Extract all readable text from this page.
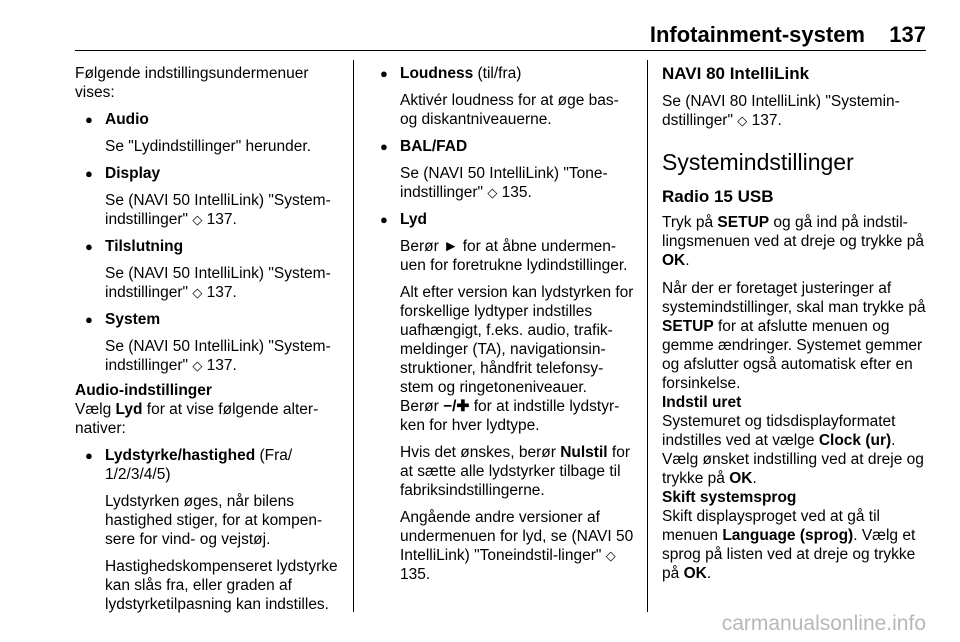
Infotainment-system 137

Følgende indstillingsundermenuer vises:

● Audio
Se "Lydindstillinger" herunder.
● Display
Se (NAVI 50 IntelliLink) "System-indstillinger" ◇ 137.
● Tilslutning
Se (NAVI 50 IntelliLink) "System-indstillinger" ◇ 137.
● System
Se (NAVI 50 IntelliLink) "System-indstillinger" ◇ 137.
Audio-indstillinger

Vælg Lyd for at vise følgende alter-nativer:

● Lydstyrke/hastighed (Fra/ 1/2/3/4/5)
Lydstyrken øges, når bilens hastighed stiger, for at kompen-sere for vind- og vejstøj.
Hastighedskompenseret lydstyrke kan slås fra, eller graden af lydstyrketilpasning kan indstilles.
● Loudness (til/fra)
Aktivér loudness for at øge bas-og diskantniveauerne.
● BAL/FAD
Se (NAVI 50 IntelliLink) "Tone-indstillinger" ◇ 135.
● Lyd
Berør ► for at åbne undermen-uen for foretrukne lydindstillinger.
Alt efter version kan lydstyrken for forskellige lydtyper indstilles uafhængigt, f.eks. audio, trafik-meldinger (TA), navigationsin-struktioner, håndfrit telefonsy-stem og ringetoneniveauer.
Berør −/✚ for at indstille lydstyr-ken for hver lydtype.
Hvis det ønskes, berør Nulstil for at sætte alle lydstyrker tilbage til fabriksindstillingerne.
Angående andre versioner af undermenuen for lyd, se (NAVI 50 IntelliLink) "Toneindstil-linger" ◇ 135.
NAVI 80 IntelliLink

Se (NAVI 80 IntelliLink) "Systemin-dstillinger" ◇ 137.

Systemindstillinger
Radio 15 USB

Tryk på SETUP og gå ind på indstil-lingsmenuen ved at dreje og trykke på OK.

Når der er foretaget justeringer af systemindstillinger, skal man trykke på SETUP for at afslutte menuen og gemme ændringer. Systemet gemmer og afslutter også automatisk efter en forsinkelse.

Indstil uret

Systemuret og tidsdisplayformatet indstilles ved at vælge Clock (ur). Vælg ønsket indstilling ved at dreje og trykke på OK.

Skift systemsprog

Skift displaysproget ved at gå til menuen Language (sprog). Vælg et sprog på listen ved at dreje og trykke på OK.

carmanualsonline.info
